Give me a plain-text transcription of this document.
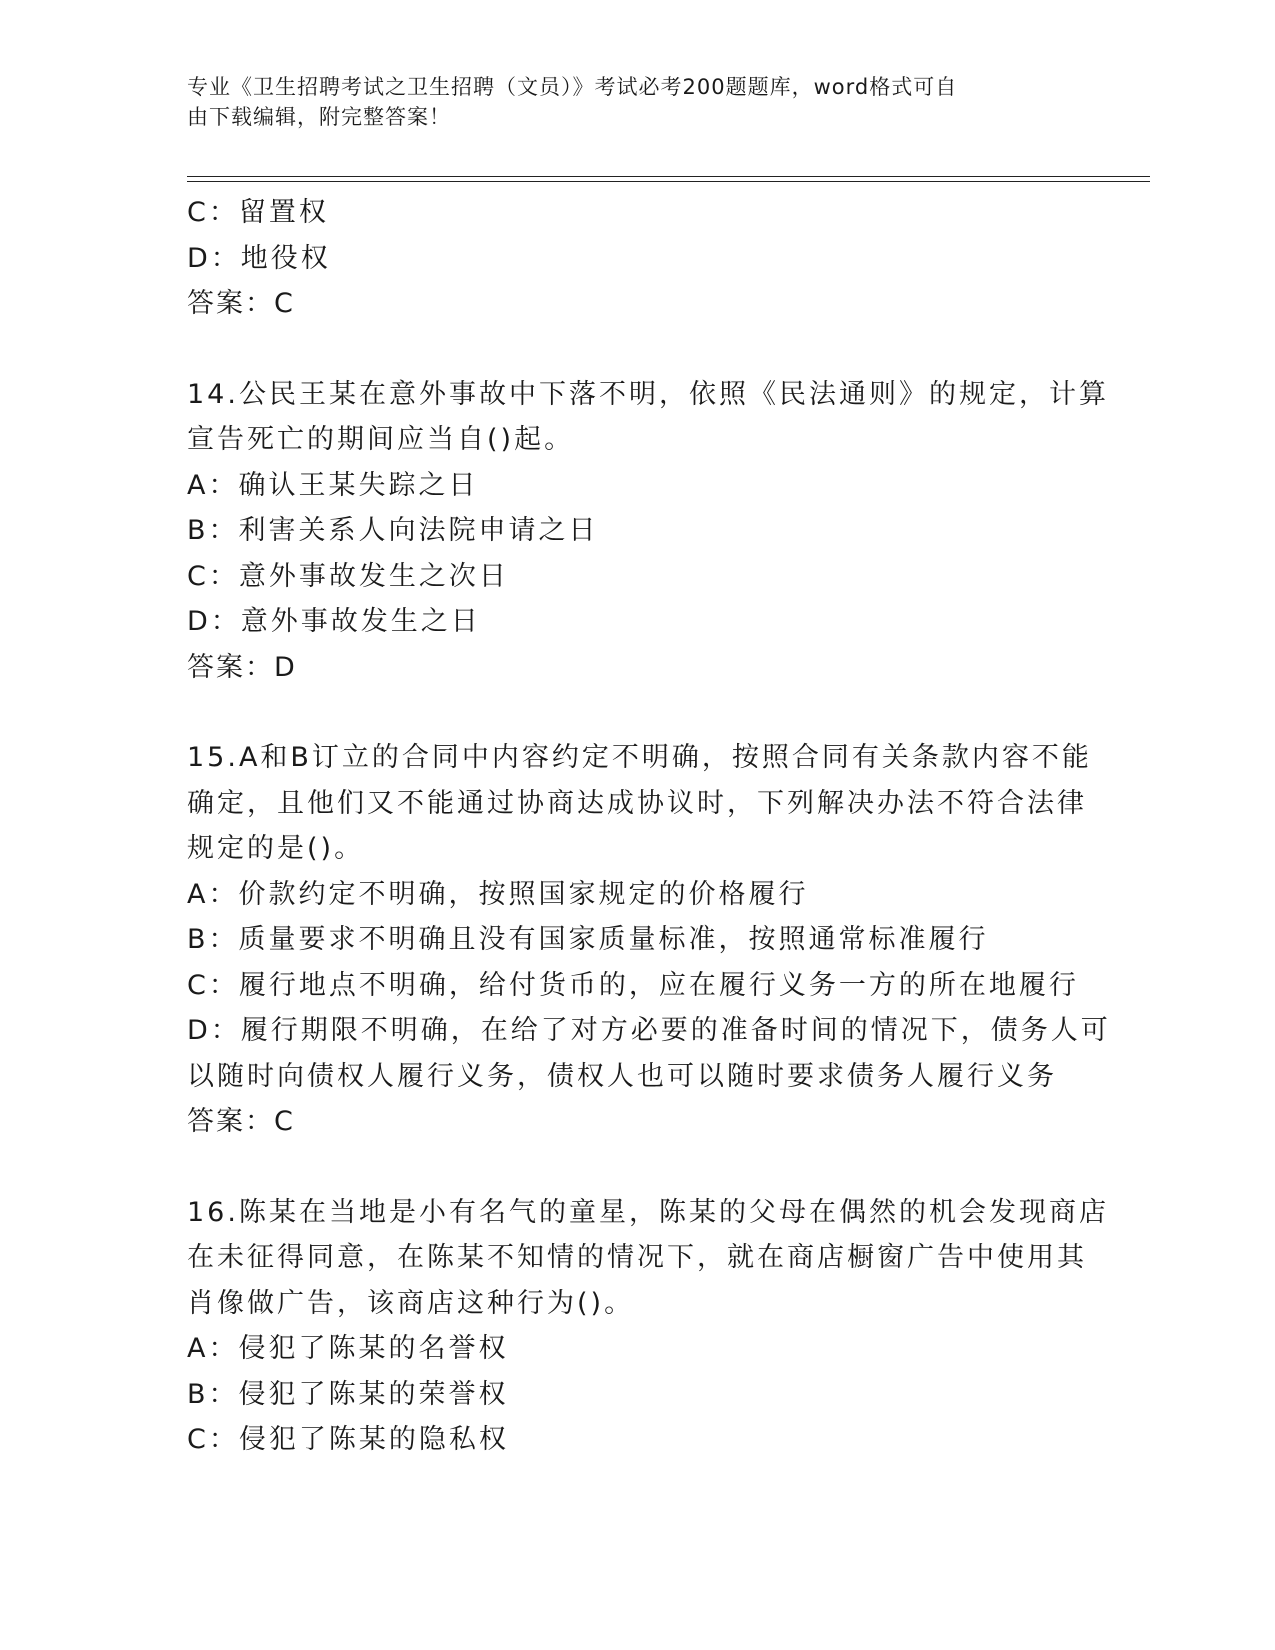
专业《卫生招聘考试之卫生招聘（文员）》考试必考200题题库，word格式可自
由下载编辑，附完整答案！
C：留置权
D：地役权
答案：C
14.公民王某在意外事故中下落不明，依照《民法通则》的规定，计算
宣告死亡的期间应当自()起。
A：确认王某失踪之日
B：利害关系人向法院申请之日
C：意外事故发生之次日
D：意外事故发生之日
答案：D
15.A和B订立的合同中内容约定不明确，按照合同有关条款内容不能
确定，且他们又不能通过协商达成协议时，下列解决办法不符合法律
规定的是()。
A：价款约定不明确，按照国家规定的价格履行
B：质量要求不明确且没有国家质量标准，按照通常标准履行
C：履行地点不明确，给付货币的，应在履行义务一方的所在地履行
D：履行期限不明确，在给了对方必要的准备时间的情况下，债务人可
以随时向债权人履行义务，债权人也可以随时要求债务人履行义务
答案：C
16.陈某在当地是小有名气的童星，陈某的父母在偶然的机会发现商店
在未征得同意，在陈某不知情的情况下，就在商店橱窗广告中使用其
肖像做广告，该商店这种行为()。
A：侵犯了陈某的名誉权
B：侵犯了陈某的荣誉权
C：侵犯了陈某的隐私权
